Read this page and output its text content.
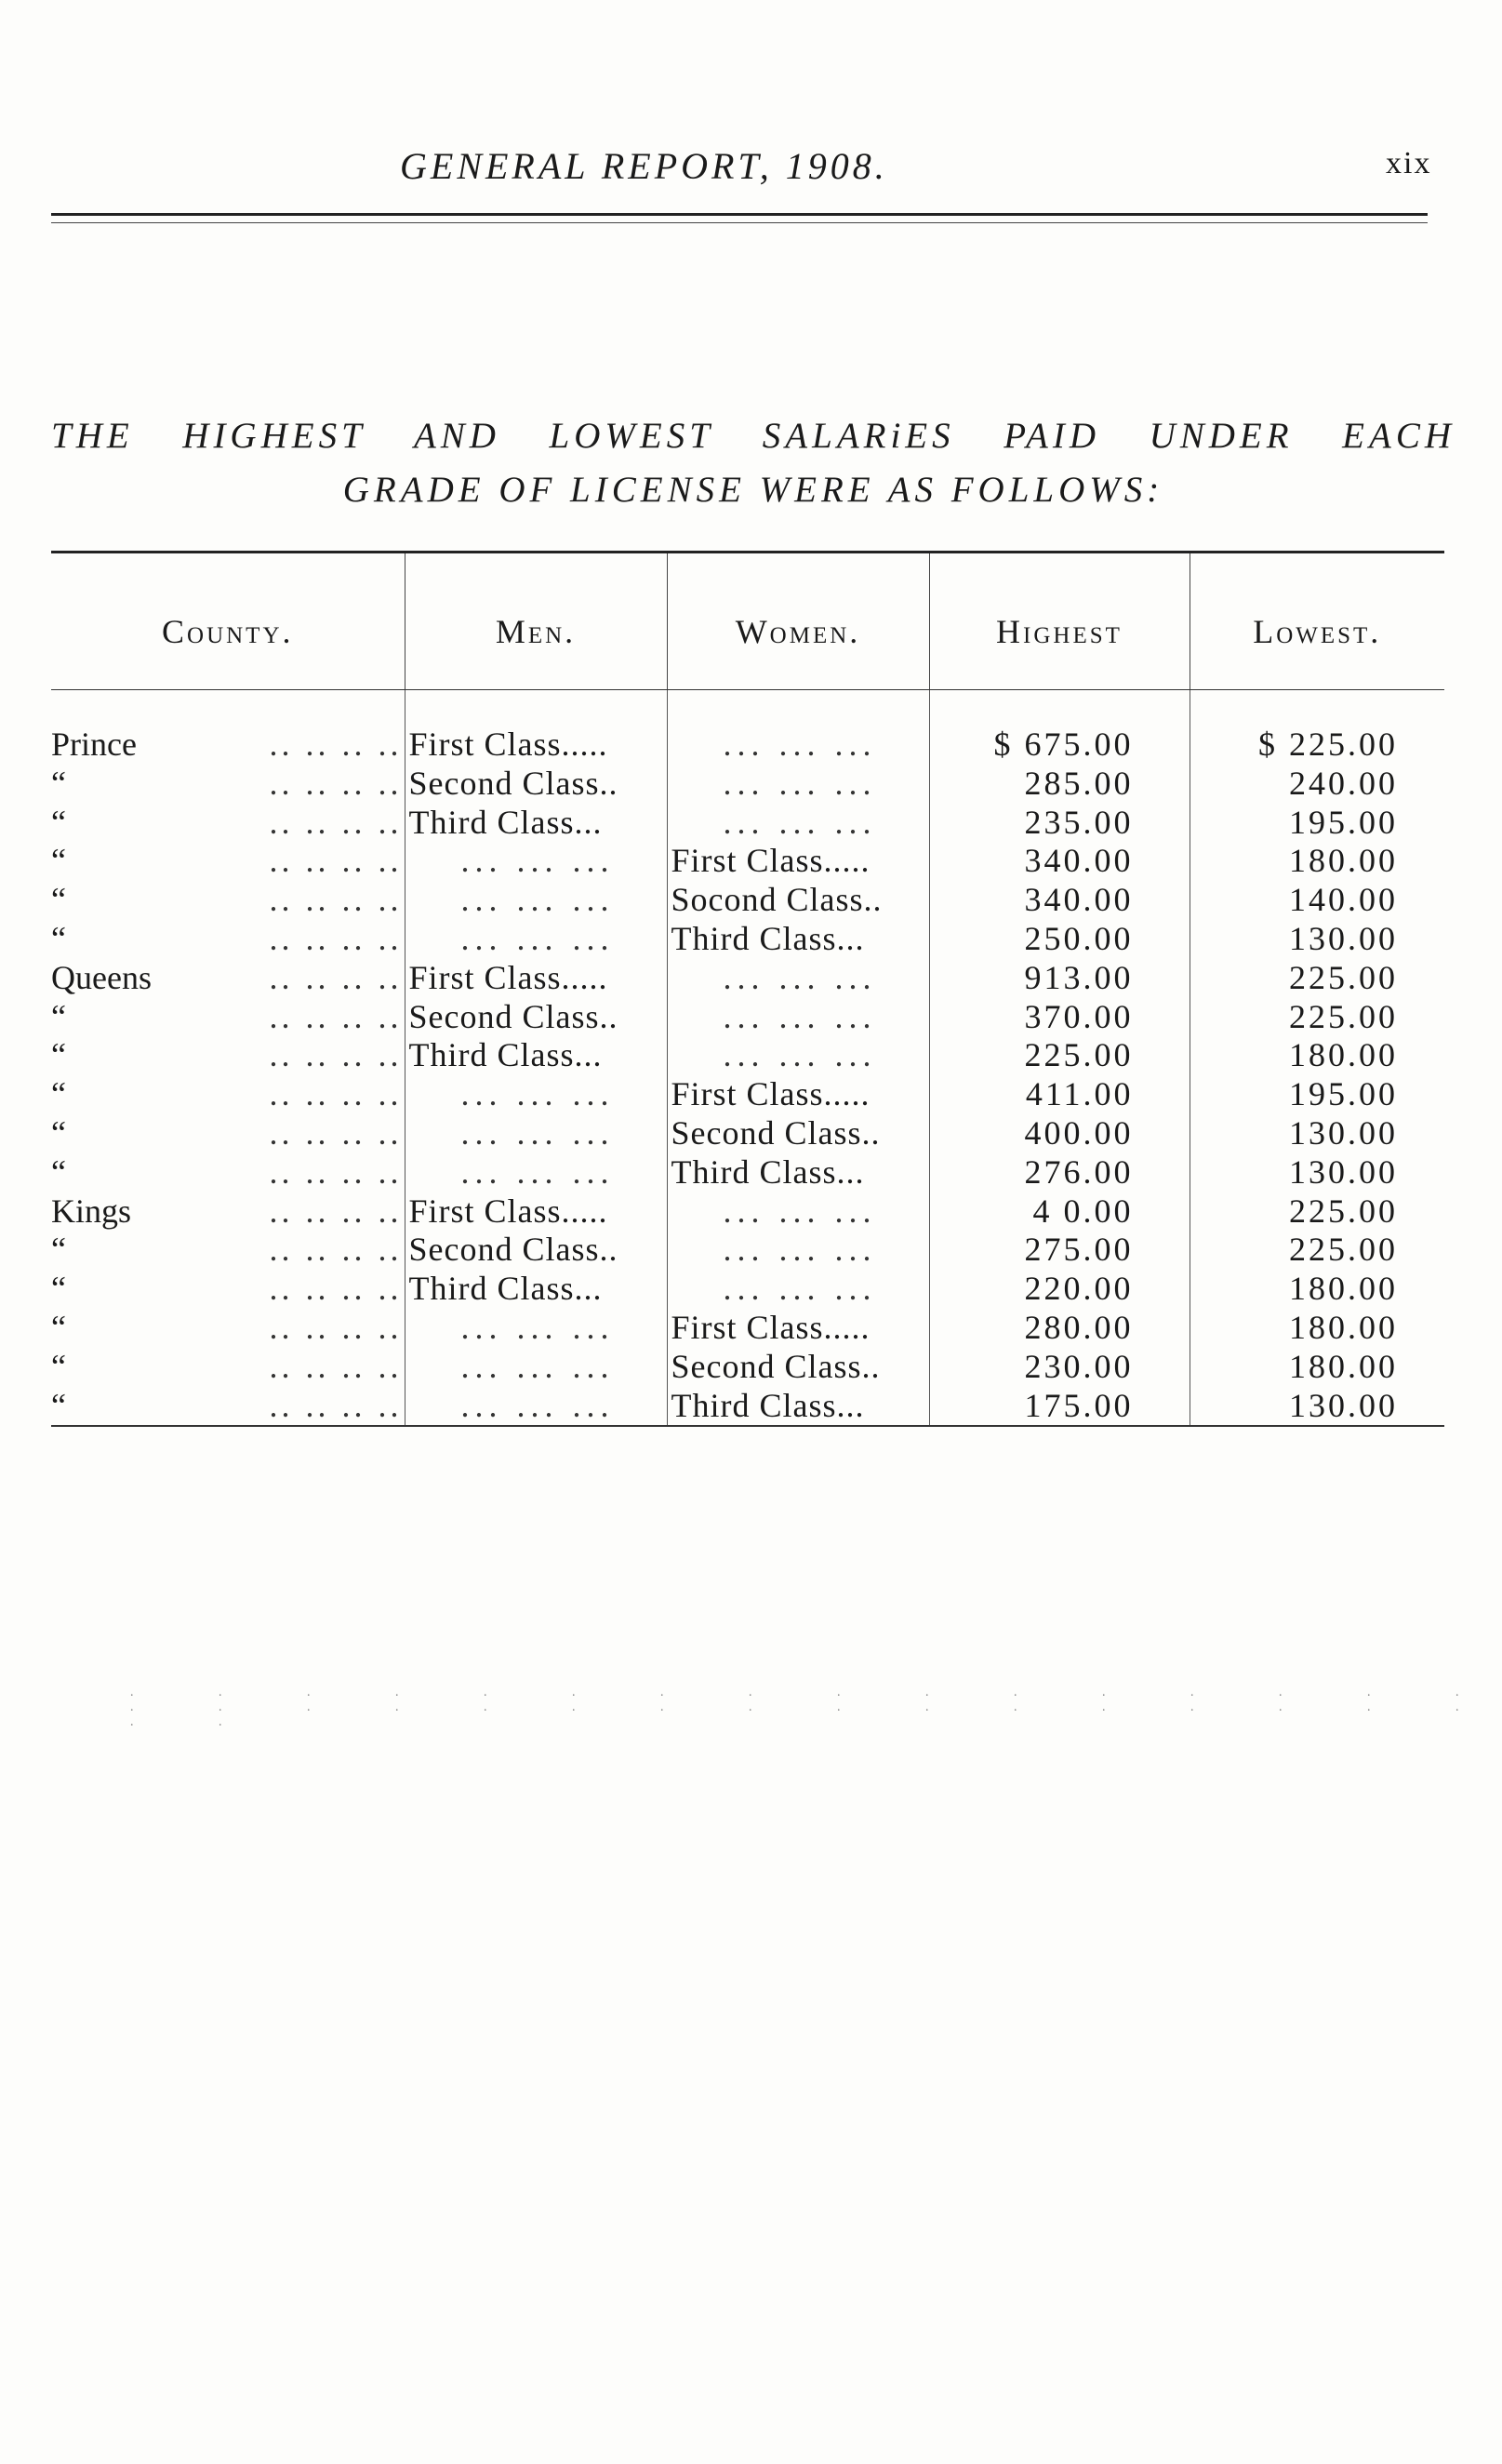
GENERAL REPORT, 1908.	xix
THE HIGHEST AND LOWEST SALARiES PAID UNDER EACH
GRADE OF LICENSE WERE AS FOLLOWS:
County.	Men.	Women.	Highest	Lowest.

Prince .. .. .. ..	First Class.....	... ... ...	$ 675.00	$ 225.00
“ .. .. .. ..	Second Class..	... ... ...	285.00	240.00
“ .. .. .. ..	Third Class...	... ... ...	235.00	195.00
“ .. .. .. ..	... ... ...	First Class.....	340.00	180.00
“ .. .. .. ..	... ... ...	Socond Class..	340.00	140.00
“ .. .. .. ..	... ... ...	Third Class...	250.00	130.00
Queens .. .. .. ..	First Class.....	... ... ...	913.00	225.00
“ .. .. .. ..	Second Class..	... ... ...	370.00	225.00
“ .. .. .. ..	Third Class...	... ... ...	225.00	180.00
“ .. .. .. ..	... ... ...	First Class.....	411.00	195.00
“ .. .. .. ..	... ... ...	Second Class..	400.00	130.00
“ .. .. .. ..	... ... ...	Third Class...	276.00	130.00
Kings .. .. .. ..	First Class.....	... ... ...	4 0.00	225.00
“ .. .. .. ..	Second Class..	... ... ...	275.00	225.00
“ .. .. .. ..	Third Class...	... ... ...	220.00	180.00
“ .. .. .. ..	... ... ...	First Class.....	280.00	180.00
“ .. .. .. ..	... ... ...	Second Class..	230.00	180.00
“ .. .. .. ..	... ... ...	Third Class...	175.00	130.00
. . . . . . . . . . . . . . . . . . . . . . . . . . . . . . . . . .
